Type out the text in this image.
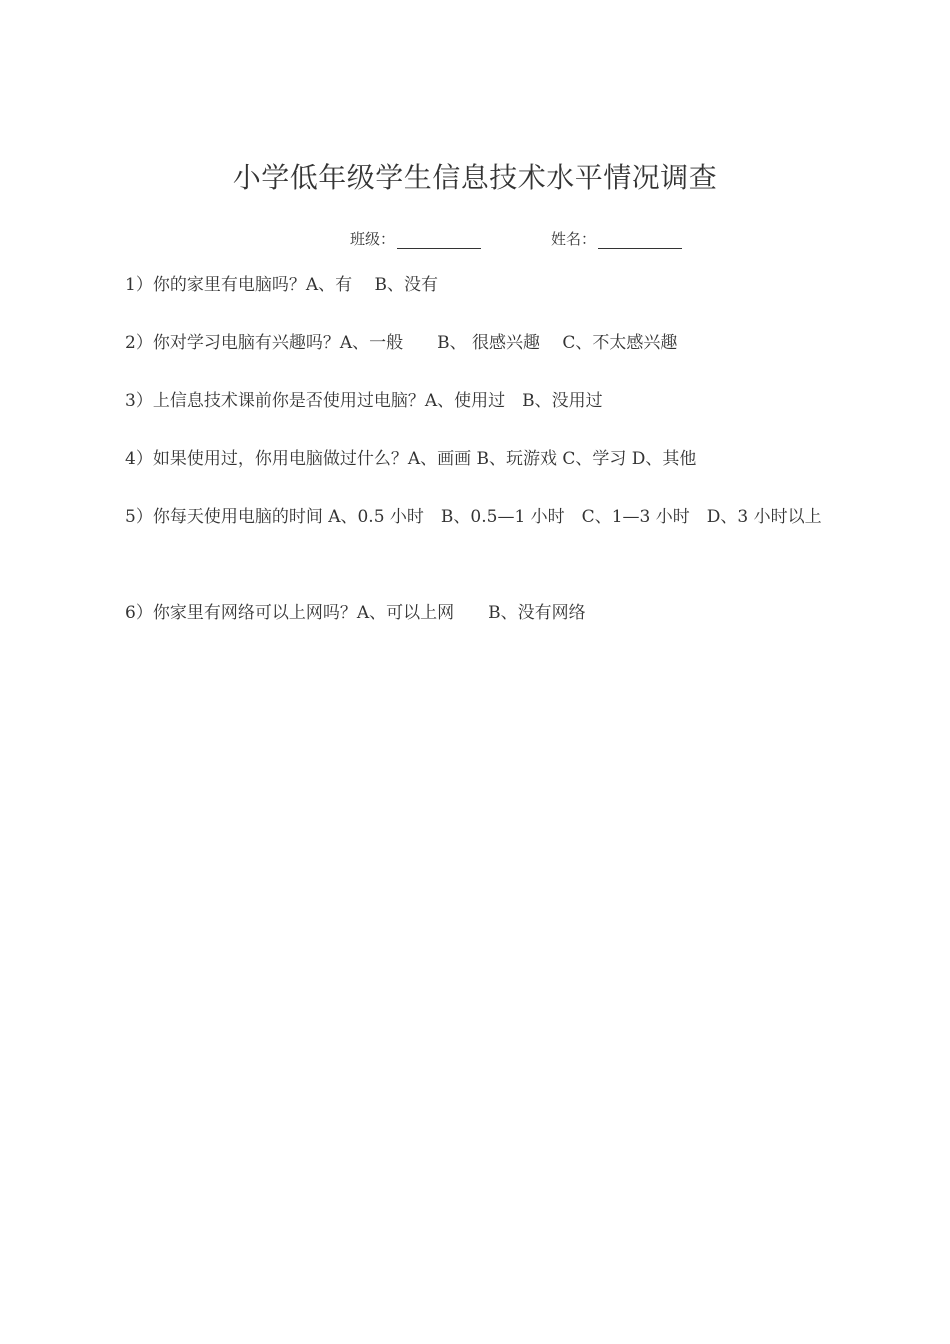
小学低年级学生信息技术水平情况调查
班级：	姓名：
1）你的家里有电脑吗？A、有　 B、没有
2）你对学习电脑有兴趣吗？A、一般　　B、 很感兴趣　 C、不太感兴趣
3）上信息技术课前你是否使用过电脑？A、使用过　B、没用过
4）如果使用过，你用电脑做过什么？A、画画 B、玩游戏 C、学习 D、其他
5）你每天使用电脑的时间 A、0.5 小时　B、0.5—1 小时　C、1—3 小时　D、3 小时以上
6）你家里有网络可以上网吗？A、可以上网　　B、没有网络
